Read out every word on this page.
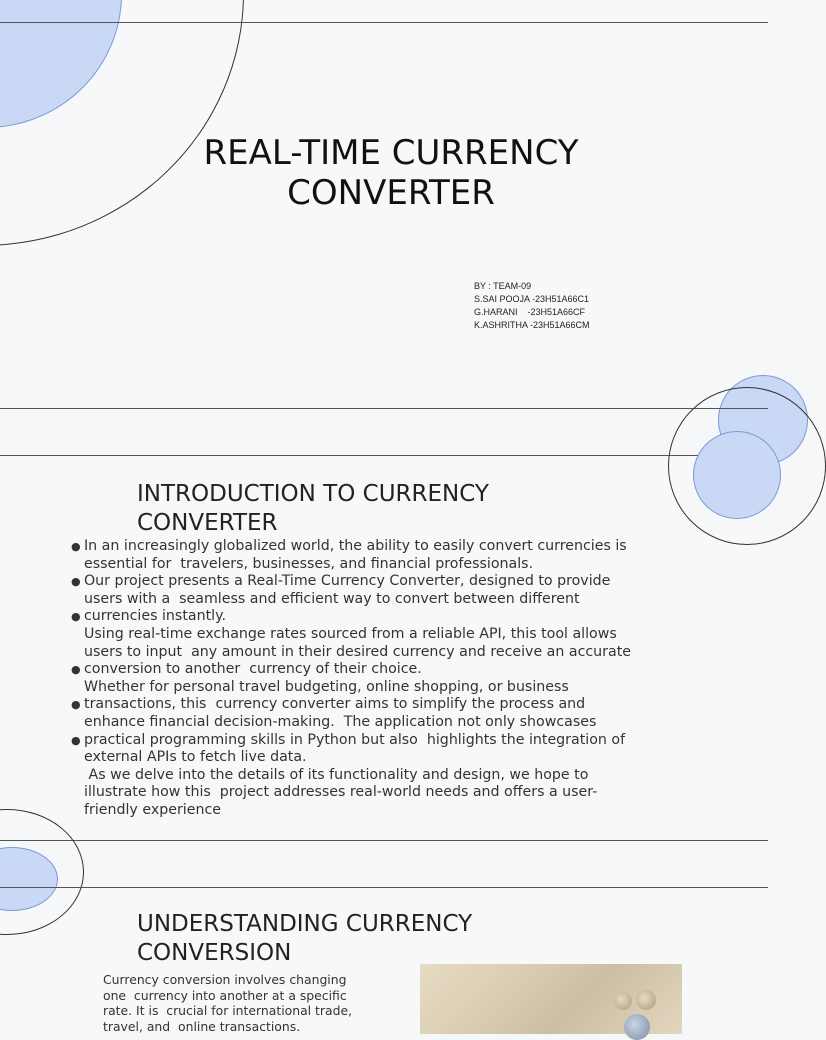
REAL-TIME CURRENCY
CONVERTER
BY : TEAM-09
S.SAI POOJA -23H51A66C1
G.HARANI    -23H51A66CF
K.ASHRITHA -23H51A66CM
INTRODUCTION TO CURRENCY
CONVERTER
● In an increasingly globalized world, the ability to easily convert currencies is
essential for  travelers, businesses, and financial professionals.
● Our project presents a Real-Time Currency Converter, designed to provide
users with a  seamless and efficient way to convert between different
● currencies instantly.
Using real-time exchange rates sourced from a reliable API, this tool allows
users to input  any amount in their desired currency and receive an accurate
● conversion to another  currency of their choice.
Whether for personal travel budgeting, online shopping, or business
● transactions, this  currency converter aims to simplify the process and
enhance financial decision-making.  The application not only showcases
● practical programming skills in Python but also  highlights the integration of
external APIs to fetch live data.
As we delve into the details of its functionality and design, we hope to
illustrate how this  project addresses real-world needs and offers a user-
friendly experience
UNDERSTANDING CURRENCY
CONVERSION
Currency conversion involves changing
one  currency into another at a specific
rate. It is  crucial for international trade,
travel, and  online transactions.
